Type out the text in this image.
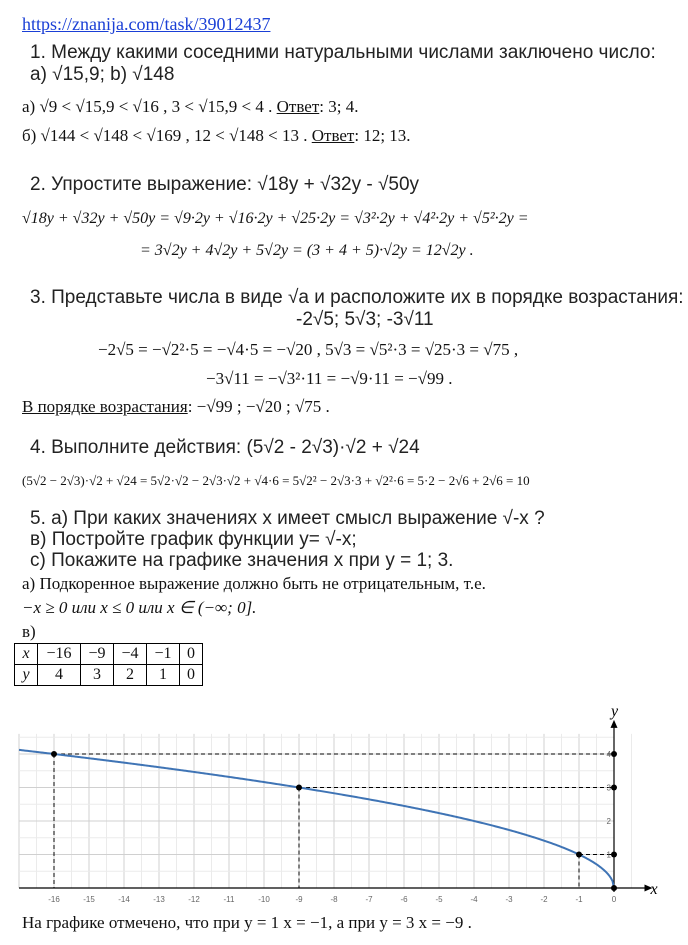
https://znanija.com/task/39012437
1. Между какими соседними натуральными числами заключено число:
а) √15,9; b) √148
а) √9 < √15,9 < √16 , 3 < √15,9 < 4 . Ответ: 3; 4.
б) √144 < √148 < √169 , 12 < √148 < 13 . Ответ: 12; 13.
2. Упростите выражение: √18y + √32y - √50y
√18y + √32y + √50y = √9·2y + √16·2y + √25·2y = √3²·2y + √4²·2y + √5²·2y =
= 3√2y + 4√2y + 5√2y = (3 + 4 + 5)·√2y = 12√2y .
3. Представьте числа в виде √a и расположите их в порядке возрастания:
-2√5; 5√3; -3√11
−2√5 = −√2²·5 = −√4·5 = −√20 , 5√3 = √5²·3 = √25·3 = √75 ,
−3√11 = −√3²·11 = −√9·11 = −√99 .
В порядке возрастания: −√99 ; −√20 ; √75 .
4. Выполните действия: (5√2 - 2√3)·√2 + √24
(5√2 − 2√3)·√2 + √24 = 5√2·√2 − 2√3·√2 + √4·6 = 5√2² − 2√3·3 + √2²·6 = 5·2 − 2√6 + 2√6 = 10
5. а) При каких значениях х имеет смысл выражение √-x ?
в) Постройте график функции у= √-x;
с) Покажите на графике значения х при у = 1; 3.
а) Подкоренное выражение должно быть не отрицательным, т.е.
−x ≥ 0 или x ≤ 0 или x ∈ (−∞; 0].
в)
x	−16	−9	−4	−1	0
y	4	3	2	1	0
-16	-15	-14	-13	-12	-11	-10	-9	-8	-7	-6	-5	-4	-3	-2	-1	0
1
2
3
4
x
y
На графике отмечено, что при у = 1 х = −1, а при у = 3 х = −9 .
